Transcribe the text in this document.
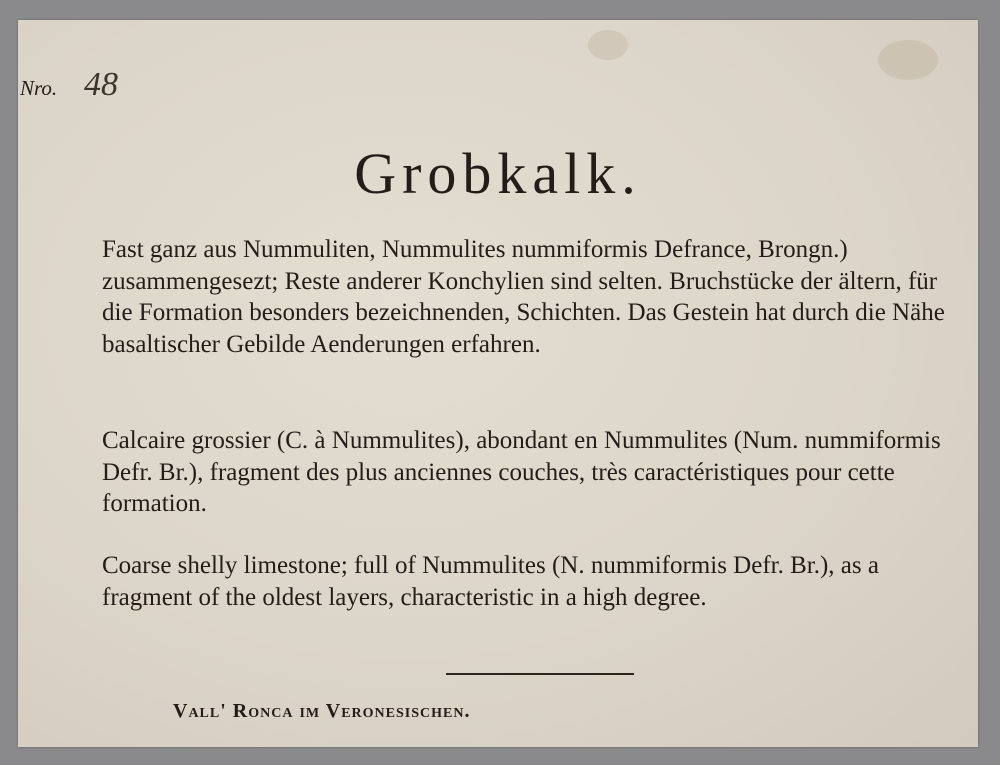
Nro. 48
Grobkalk.

Fast ganz aus Nummuliten, Nummulites nummiformis Defrance, Brongn.) zusammengesezt; Reste anderer Konchylien sind selten. Bruchstücke der ältern, für die Formation besonders bezeichnenden, Schichten. Das Gestein hat durch die Nähe basaltischer Gebilde Aenderungen erfahren.

Calcaire grossier (C. à Nummulites), abondant en Nummulites (Num. nummiformis Defr. Br.), fragment des plus anciennes couches, très caractéristiques pour cette formation.

Coarse shelly limestone; full of Nummulites (N. nummiformis Defr. Br.), as a fragment of the oldest layers, characteristic in a high degree.

Vall' Ronca im Veronesischen.
